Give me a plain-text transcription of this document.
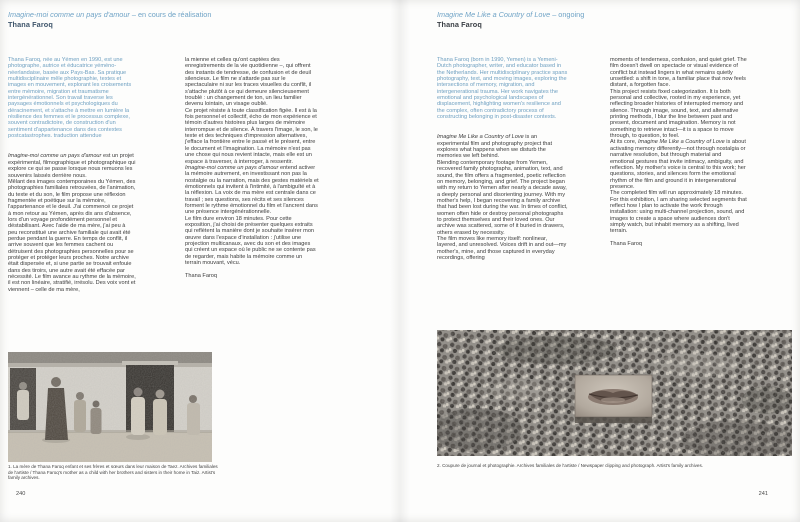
Imagine-moi comme un pays d'amour – en cours de réalisation
Thana Faroq

Thana Faroq, née au Yémen en 1990, est une photographe, autrice et éducatrice yéméno-néerlandaise, basée aux Pays-Bas. Sa pratique multidisciplinaire mêle photographie, textes et images en mouvement, explorant les croisements entre mémoire, migration et traumatisme intergénérationnel. Son travail traverse les paysages émotionnels et psychologiques du déracinement, et s'attache à mettre en lumière la résilience des femmes et le processus complexe, souvent contradictoire, de construction d'un sentiment d'appartenance dans des contextes postcatastrophes. traduction attendue

Imagine-moi comme un pays d'amour est un projet expérimental, filmographique et photographique qui explore ce qui se passe lorsque nous remuons les souvenirs laissés derrière nous.

Mêlant des images contemporaines du Yémen, des photographies familiales retrouvées, de l'animation, du texte et du son, le film propose une réflexion fragmentée et poétique sur la mémoire, l'appartenance et le deuil. J'ai commencé ce projet à mon retour au Yémen, après dix ans d'absence, lors d'un voyage profondément personnel et déstabilisant. Avec l'aide de ma mère, j'ai peu à peu reconstitué une archive familiale qui avait été perdue pendant la guerre. En temps de conflit, il arrive souvent que les femmes cachent ou détruisent des photographies personnelles pour se protéger et protéger leurs proches. Notre archive était dispersée et, si une partie se trouvait enfouie dans des tiroirs, une autre avait été effacée par nécessité. Le film avance au rythme de la mémoire, il est non linéaire, stratifié, irrésolu. Des voix vont et viennent – celle de ma mère,

la mienne et celles qu'ont captées des enregistrements de la vie quotidienne –, qui offrent des instants de tendresse, de confusion et de deuil silencieux. Le film ne s'attarde pas sur le spectaculaire ni sur les traces visuelles du conflit, il s'attache plutôt à ce qui demeure silencieusement troublé : un changement de ton, un lieu familier devenu lointain, un visage oublié.

Ce projet résiste à toute classification figée. Il est à la fois personnel et collectif, écho de mon expérience et témoin d'autres histoires plus larges de mémoire interrompue et de silence. À travers l'image, le son, le texte et des techniques d'impression alternatives, j'efface la frontière entre le passé et le présent, entre le document et l'imagination. La mémoire n'est pas une chose qui nous revient intacte, mais elle est un espace à traverser, à interroger, à ressentir.

Imagine-moi comme un pays d'amour entend activer la mémoire autrement, en investissant non pas la nostalgie ou la narration, mais des gestes matériels et émotionnels qui invitent à l'intimité, à l'ambiguïté et à la réflexion. La voix de ma mère est centrale dans ce travail ; ses questions, ses récits et ses silences forment le rythme émotionnel du film et l'ancrent dans une présence intergénérationnelle.

Le film dure environ 18 minutes. Pour cette exposition, j'ai choisi de présenter quelques extraits qui reflètent la manière dont je souhaite insérer mon œuvre dans l'espace d'installation : j'utilise une projection multicanaux, avec du son et des images qui créent un espace où le public ne se contente pas de regarder, mais habite la mémoire comme un terrain mouvant, vécu.

Thana Faroq

1. La mère de Thana Faroq enfant et ses frères et sœurs dans leur maison de Taez. Archives familiales de l'artiste / Thana Faroq's mother as a child with her brothers and sisters in their home in Taiz. Artist's family archives.
240
Imagine Me Like a Country of Love – ongoing
Thana Faroq

Thana Faroq (born in 1990, Yemen) is a Yemeni-Dutch photographer, writer, and educator based in the Netherlands. Her multidisciplinary practice spans photography, text, and moving images, exploring the intersections of memory, migration, and intergenerational trauma. Her work navigates the emotional and psychological landscapes of displacement, highlighting women's resilience and the complex, often contradictory process of constructing belonging in post-disaster contexts.

Imagine Me Like a Country of Love is an experimental film and photography project that explores what happens when we disturb the memories we left behind.

Blending contemporary footage from Yemen, recovered family photographs, animation, text, and sound, the film offers a fragmented, poetic reflection on memory, belonging, and grief. The project began with my return to Yemen after nearly a decade away, a deeply personal and disorienting journey. With my mother's help, I began recovering a family archive that had been lost during the war. In times of conflict, women often hide or destroy personal photographs to protect themselves and their loved ones. Our archive was scattered, some of it buried in drawers, others erased by necessity.

The film moves like memory itself: nonlinear, layered, and unresolved. Voices drift in and out—my mother's, mine, and those captured in everyday recordings, offering

moments of tenderness, confusion, and quiet grief. The film doesn't dwell on spectacle or visual evidence of conflict but instead lingers in what remains quietly unsettled: a shift in tone, a familiar place that now feels distant, a forgotten face.

This project resists fixed categorization. It is both personal and collective, rooted in my experience, yet reflecting broader histories of interrupted memory and silence. Through image, sound, text, and alternative printing methods, I blur the line between past and present, document and imagination. Memory is not something to retrieve intact—it is a space to move through, to question, to feel.

At its core, Imagine Me Like a Country of Love is about activating memory differently—not through nostalgia or narrative resolution, but through material and emotional gestures that invite intimacy, ambiguity, and reflection. My mother's voice is central to this work; her questions, stories, and silences form the emotional rhythm of the film and ground it in intergenerational presence.

The completed film will run approximately 18 minutes. For this exhibition, I am sharing selected segments that reflect how I plan to activate the work through installation: using multi-channel projection, sound, and images to create a space where audiences don't simply watch, but inhabit memory as a shifting, lived terrain.

Thana Faroq

2. Coupure de journal et photographie. Archives familiales de l'artiste / Newspaper clipping and photograph. Artist's family archives.
241
